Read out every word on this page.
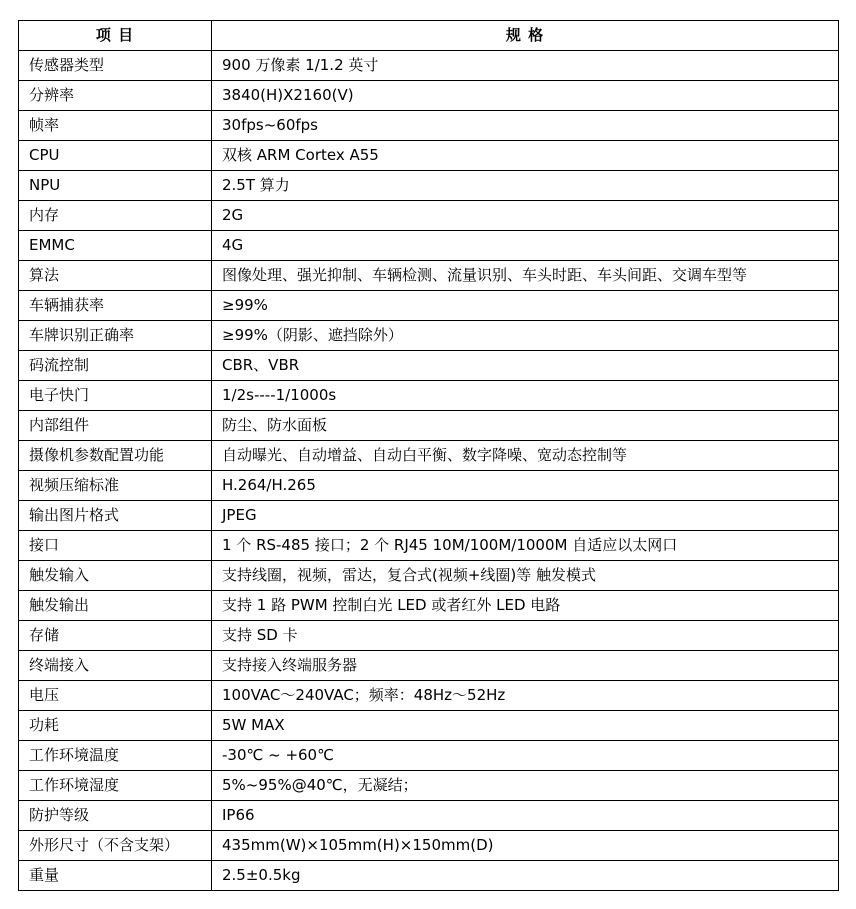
项 目	规 格
传感器类型	900 万像素 1/1.2 英寸
分辨率	3840(H)X2160(V)
帧率	30fps~60fps
CPU	双核 ARM Cortex A55
NPU	2.5T 算力
内存	2G
EMMC	4G
算法	图像处理、强光抑制、车辆检测、流量识别、车头时距、车头间距、交调车型等
车辆捕获率	≥99%
车牌识别正确率	≥99%（阴影、遮挡除外）
码流控制	CBR、VBR
电子快门	1/2s----1/1000s
内部组件	防尘、防水面板
摄像机参数配置功能	自动曝光、自动增益、自动白平衡、数字降噪、宽动态控制等
视频压缩标准	H.264/H.265
输出图片格式	JPEG
接口	1 个 RS-485 接口；2 个 RJ45 10M/100M/1000M 自适应以太网口
触发输入	支持线圈，视频，雷达，复合式(视频+线圈)等 触发模式
触发输出	支持 1 路 PWM 控制白光 LED 或者红外 LED 电路
存储	支持 SD 卡
终端接入	支持接入终端服务器
电压	100VAC～240VAC；频率：48Hz～52Hz
功耗	5W MAX
工作环境温度	-30℃ ~ +60℃
工作环境湿度	5%~95%@40℃，无凝结；
防护等级	IP66
外形尺寸（不含支架）	435mm(W)×105mm(H)×150mm(D)
重量	2.5±0.5kg
